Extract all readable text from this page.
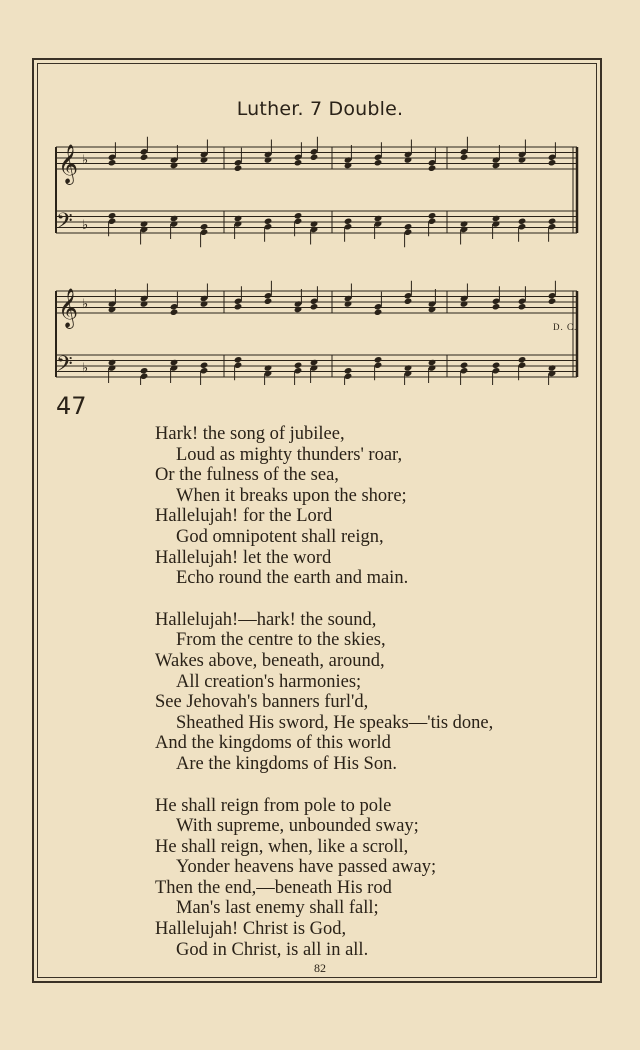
Luther. 7 Double.
𝄞
𝄢
𝄞
𝄢
♭
♭
♭
♭
D. C.
47
Hark! the song of jubilee,
Loud as mighty thunders' roar,
Or the fulness of the sea,
When it breaks upon the shore;
Hallelujah! for the Lord
God omnipotent shall reign,
Hallelujah! let the word
Echo round the earth and main.
Hallelujah!—hark! the sound,
From the centre to the skies,
Wakes above, beneath, around,
All creation's harmonies;
See Jehovah's banners furl'd,
Sheathed His sword, He speaks—'tis done,
And the kingdoms of this world
Are the kingdoms of His Son.
He shall reign from pole to pole
With supreme, unbounded sway;
He shall reign, when, like a scroll,
Yonder heavens have passed away;
Then the end,—beneath His rod
Man's last enemy shall fall;
Hallelujah! Christ is God,
God in Christ, is all in all.
82
